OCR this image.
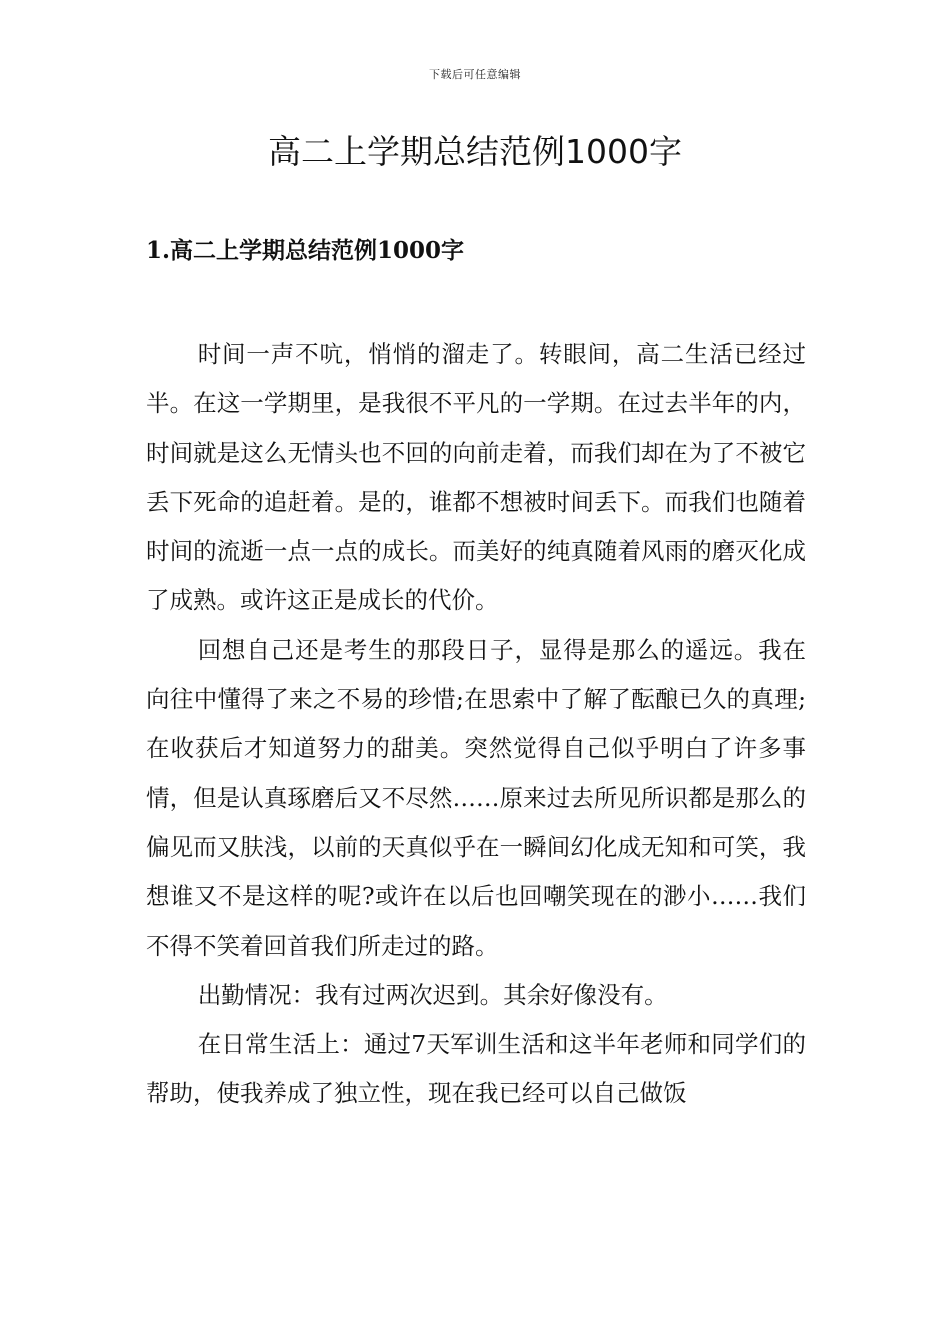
下载后可任意编辑
高二上学期总结范例1000字
1.高二上学期总结范例1000字

时间一声不吭，悄悄的溜走了。转眼间，高二生活已经过半。在这一学期里，是我很不平凡的一学期。在过去半年的内，时间就是这么无情头也不回的向前走着，而我们却在为了不被它丢下死命的追赶着。是的，谁都不想被时间丢下。而我们也随着时间的流逝一点一点的成长。而美好的纯真随着风雨的磨灭化成了成熟。或许这正是成长的代价。

回想自己还是考生的那段日子，显得是那么的遥远。我在向往中懂得了来之不易的珍惜;在思索中了解了酝酿已久的真理;在收获后才知道努力的甜美。突然觉得自己似乎明白了许多事情，但是认真琢磨后又不尽然……原来过去所见所识都是那么的偏见而又肤浅，以前的天真似乎在一瞬间幻化成无知和可笑，我想谁又不是这样的呢?或许在以后也回嘲笑现在的渺小……我们不得不笑着回首我们所走过的路。

出勤情况：我有过两次迟到。其余好像没有。

在日常生活上：通过7天军训生活和这半年老师和同学们的帮助，使我养成了独立性，现在我已经可以自己做饭
